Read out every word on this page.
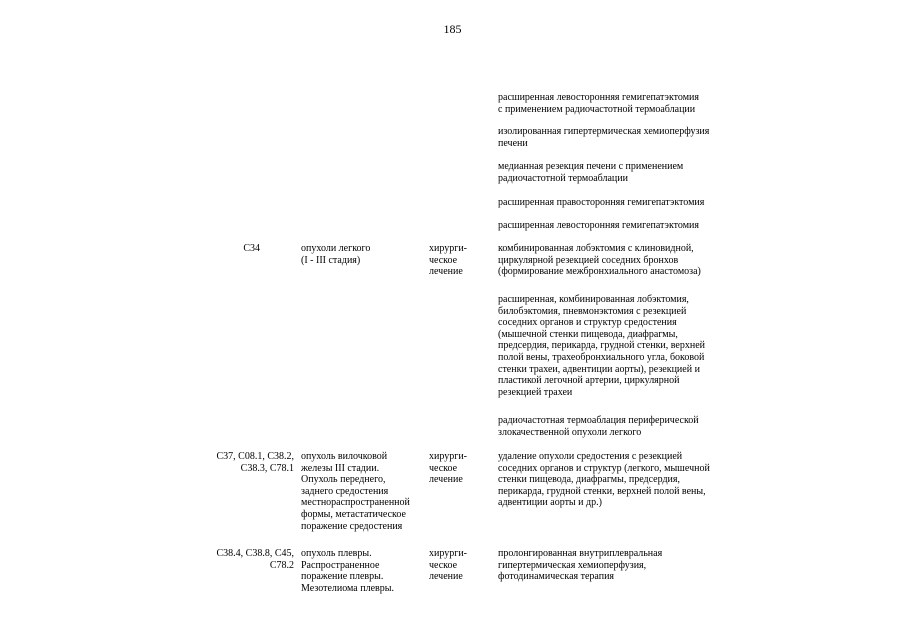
185
расширенная левосторонняя гемигепатэктомия
с применением радиочастотной термоаблации
изолированная гипертермическая хемиоперфузия
печени
медианная резекция печени с применением
радиочастотной термоаблации
расширенная правосторонняя гемигепатэктомия
расширенная левосторонняя гемигепатэктомия
C34	опухоли легкого
(I - III стадия)
хирурги-
ческое
лечение
комбинированная лобэктомия с клиновидной,
циркулярной резекцией соседних бронхов
(формирование межбронхиального анастомоза)
расширенная, комбинированная лобэктомия,
билобэктомия, пневмонэктомия с резекцией
соседних органов и структур средостения
(мышечной стенки пищевода, диафрагмы,
предсердия, перикарда, грудной стенки, верхней
полой вены, трахеобронхиального угла, боковой
стенки трахеи, адвентиции аорты), резекцией и
пластикой легочной артерии, циркулярной
резекцией трахеи
радиочастотная термоаблация периферической
злокачественной опухоли легкого
C37, C08.1, C38.2,
C38.3, C78.1
опухоль вилочковой
железы III стадии.
Опухоль переднего,
заднего средостения
местнораспространенной
формы, метастатическое
поражение средостения
хирурги-
ческое
лечение
удаление опухоли средостения с резекцией
соседних органов и структур (легкого, мышечной
стенки пищевода, диафрагмы, предсердия,
перикарда, грудной стенки, верхней полой вены,
адвентиции аорты и др.)
C38.4, C38.8, C45,
C78.2
опухоль плевры.
Распространенное
поражение плевры.
Мезотелиома плевры.
хирурги-
ческое
лечение
пролонгированная внутриплевральная
гипертермическая хемиоперфузия,
фотодинамическая терапия
